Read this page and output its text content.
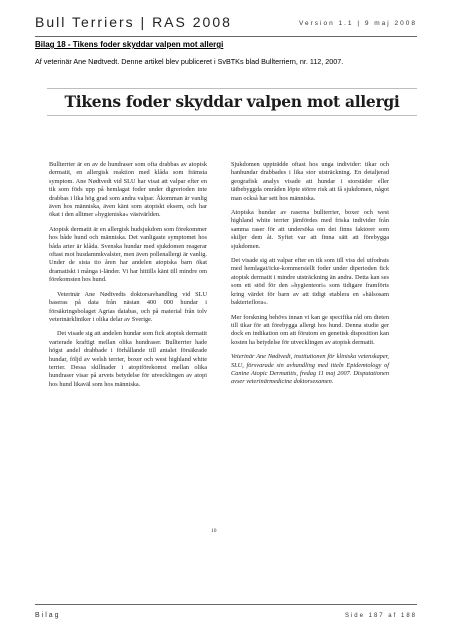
Bull Terriers | RAS 2008	Version 1.1 | 9 maj 2008
Bilag 18 - Tikens foder skyddar valpen mot allergi
Af veterinär Ane Nødtvedt. Denne artikel blev publiceret i SvBTKs blad Bullterriern, nr. 112, 2007.
Tikens foder skyddar valpen mot allergi

Bullterrier är en av de hundraser som ofta drabbas av atopisk dermatit, en allergisk reaktion med klåda som främsta symptom. Ane Nødtvedt vid SLU har visat att valpar efter en tik som föds upp på hemlagat foder under digrerioden inte drabbas i lika hög grad som andra valpar. Åkomman är vanlig även hos människa, även känt som atopiskt eksem, och har ökat i den alltmer »hygieniska« västvärlden.

Atopisk dermatit är en allergisk hudsjukdom som förekommer hos både hund och människa. Det vanligaste symptomet hos båda arter är klåda. Svenska hundar med sjukdomen reagerar oftast mot husdammkvalster, men även pollenallergi är vanlig. Under de sista tio åren har andelen atopiska barn ökat dramatiskt i många i-länder. Vi har hittills känt till mindre om förekomsten hos hund.

Veterinär Ane Nødtvedts doktorsavhandling vid SLU baseras på data från nästan 400 000 hundar i försäkringsbolaget Agrias databas, och på material från tolv veterinärkliniker i olika delar av Sverige.

Det visade sig att andelen hundar som fick atopisk dermatit varierade kraftigt mellan olika hundraser. Bullterrier hade högst andel drabbade i förhållande till antalet försäkrade hundar, följd av welsh terrier, boxer och west highland white terrier. Dessa skillnader i atopiförekomst mellan olika hundraser visar på arvets betydelse för utvecklingen av atopi hos hund likaväl som hos människa.

Sjukdomen uppträdde oftast hos unga individer: tikar och hanhundar drabbades i lika stor utsträckning. En detaljerad geografisk analys visade att hundar i storstäder eller tätbebyggda områden löpte större risk att få sjukdomen, något man också har sett hos människa.

Atopiska hundar av raserna bullterrier, boxer och west highland white terrier jämfördes med friska individer från samma raser för att undersöka om det finns faktorer som skiljer dem åt. Syftet var att finna sätt att förebygga sjukdomen.

Det visade sig att valpar efter en tik som till viss del utfodrats med hemlagat/icke-kommersiellt foder under diperioden fick atopisk dermatit i mindre utsträckning än andra. Detta kan ses som ett stöd för den »hygienteori« som tidigare framförts kring värdet för barn av att tidigt etablera en »hälsosam bakterieflora«.

Mer forskning behövs innan vi kan ge specifika råd om dieten till tikar för att förebygga allergi hos hund. Denna studie ger dock en indikation om att förutom en genetisk disposition kan kosten ha betydelse för utvecklingen av atopisk dermatit.

Veterinär Ane Nødtvedt, institutionen för kliniska vetenskaper, SLU, försvarade sin avhandling med titeln Epidemiology of Canine Atopic Dermatitis, fredag 11 maj 2007. Disputationen avser veterinärmedicine doktorsexamen.

10
Bilag	Side 187 af 188
